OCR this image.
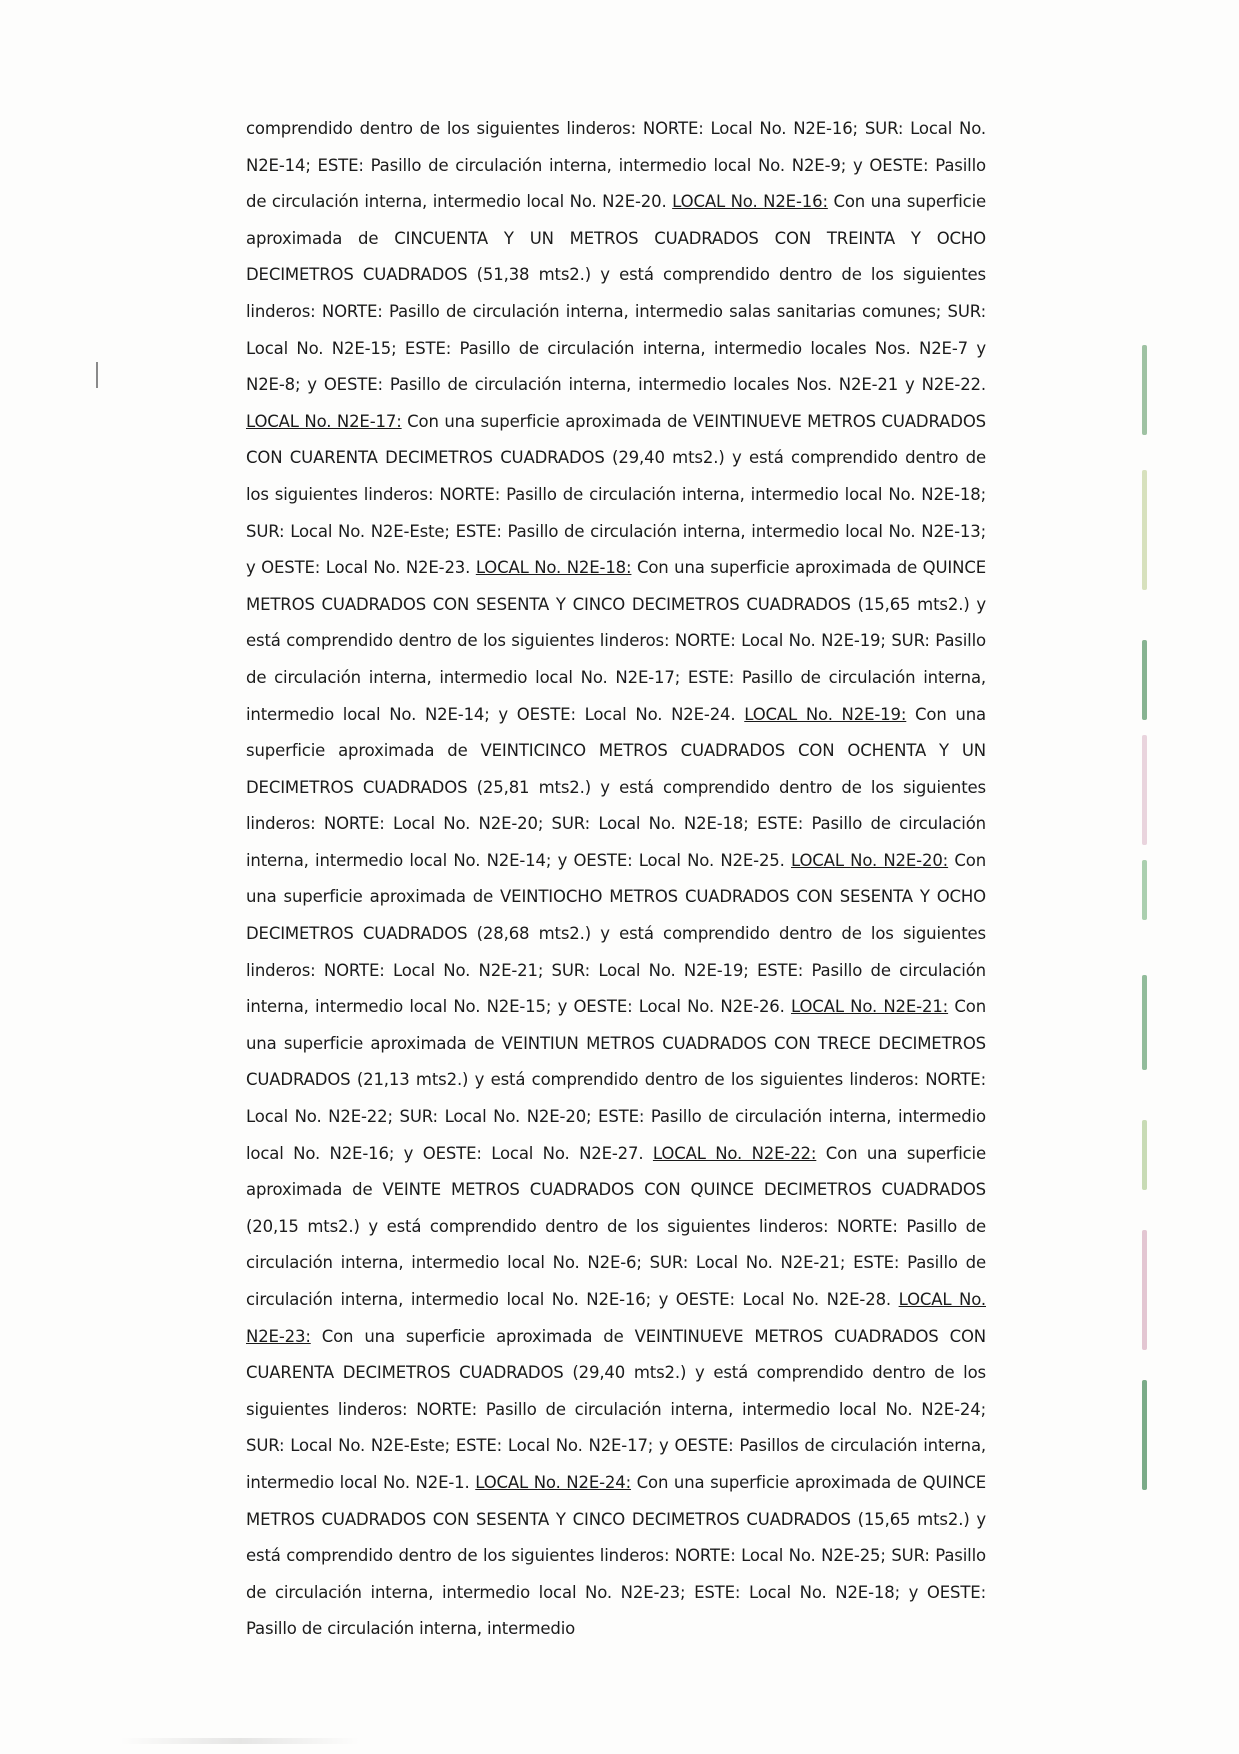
comprendido dentro de los siguientes linderos: NORTE: Local No. N2E-16; SUR: Local No. N2E-14; ESTE: Pasillo de circulación interna, intermedio local No. N2E-9; y OESTE: Pasillo de circulación interna, intermedio local No. N2E-20. LOCAL No. N2E-16: Con una superficie aproximada de CINCUENTA Y UN METROS CUADRADOS CON TREINTA Y OCHO DECIMETROS CUADRADOS (51,38 mts2.) y está comprendido dentro de los siguientes linderos: NORTE: Pasillo de circulación interna, intermedio salas sanitarias comunes; SUR: Local No. N2E-15; ESTE: Pasillo de circulación interna, intermedio locales Nos. N2E-7 y N2E-8; y OESTE: Pasillo de circulación interna, intermedio locales Nos. N2E-21 y N2E-22. LOCAL No. N2E-17: Con una superficie aproximada de VEINTINUEVE METROS CUADRADOS CON CUARENTA DECIMETROS CUADRADOS (29,40 mts2.) y está comprendido dentro de los siguientes linderos: NORTE: Pasillo de circulación interna, intermedio local No. N2E-18; SUR: Local No. N2E-Este; ESTE: Pasillo de circulación interna, intermedio local No. N2E-13; y OESTE: Local No. N2E-23. LOCAL No. N2E-18: Con una superficie aproximada de QUINCE METROS CUADRADOS CON SESENTA Y CINCO DECIMETROS CUADRADOS (15,65 mts2.) y está comprendido dentro de los siguientes linderos: NORTE: Local No. N2E-19; SUR: Pasillo de circulación interna, intermedio local No. N2E-17; ESTE: Pasillo de circulación interna, intermedio local No. N2E-14; y OESTE: Local No. N2E-24. LOCAL No. N2E-19: Con una superficie aproximada de VEINTICINCO METROS CUADRADOS CON OCHENTA Y UN DECIMETROS CUADRADOS (25,81 mts2.) y está comprendido dentro de los siguientes linderos: NORTE: Local No. N2E-20; SUR: Local No. N2E-18; ESTE: Pasillo de circulación interna, intermedio local No. N2E-14; y OESTE: Local No. N2E-25. LOCAL No. N2E-20: Con una superficie aproximada de VEINTIOCHO METROS CUADRADOS CON SESENTA Y OCHO DECIMETROS CUADRADOS (28,68 mts2.) y está comprendido dentro de los siguientes linderos: NORTE: Local No. N2E-21; SUR: Local No. N2E-19; ESTE: Pasillo de circulación interna, intermedio local No. N2E-15; y OESTE: Local No. N2E-26. LOCAL No. N2E-21: Con una superficie aproximada de VEINTIUN METROS CUADRADOS CON TRECE DECIMETROS CUADRADOS (21,13 mts2.) y está comprendido dentro de los siguientes linderos: NORTE: Local No. N2E-22; SUR: Local No. N2E-20; ESTE: Pasillo de circulación interna, intermedio local No. N2E-16; y OESTE: Local No. N2E-27. LOCAL No. N2E-22: Con una superficie aproximada de VEINTE METROS CUADRADOS CON QUINCE DECIMETROS CUADRADOS (20,15 mts2.) y está comprendido dentro de los siguientes linderos: NORTE: Pasillo de circulación interna, intermedio local No. N2E-6; SUR: Local No. N2E-21; ESTE: Pasillo de circulación interna, intermedio local No. N2E-16; y OESTE: Local No. N2E-28. LOCAL No. N2E-23: Con una superficie aproximada de VEINTINUEVE METROS CUADRADOS CON CUARENTA DECIMETROS CUADRADOS (29,40 mts2.) y está comprendido dentro de los siguientes linderos: NORTE: Pasillo de circulación interna, intermedio local No. N2E-24; SUR: Local No. N2E-Este; ESTE: Local No. N2E-17; y OESTE: Pasillos de circulación interna, intermedio local No. N2E-1. LOCAL No. N2E-24: Con una superficie aproximada de QUINCE METROS CUADRADOS CON SESENTA Y CINCO DECIMETROS CUADRADOS (15,65 mts2.) y está comprendido dentro de los siguientes linderos: NORTE: Local No. N2E-25; SUR: Pasillo de circulación interna, intermedio local No. N2E-23; ESTE: Local No. N2E-18; y OESTE: Pasillo de circulación interna, intermedio
